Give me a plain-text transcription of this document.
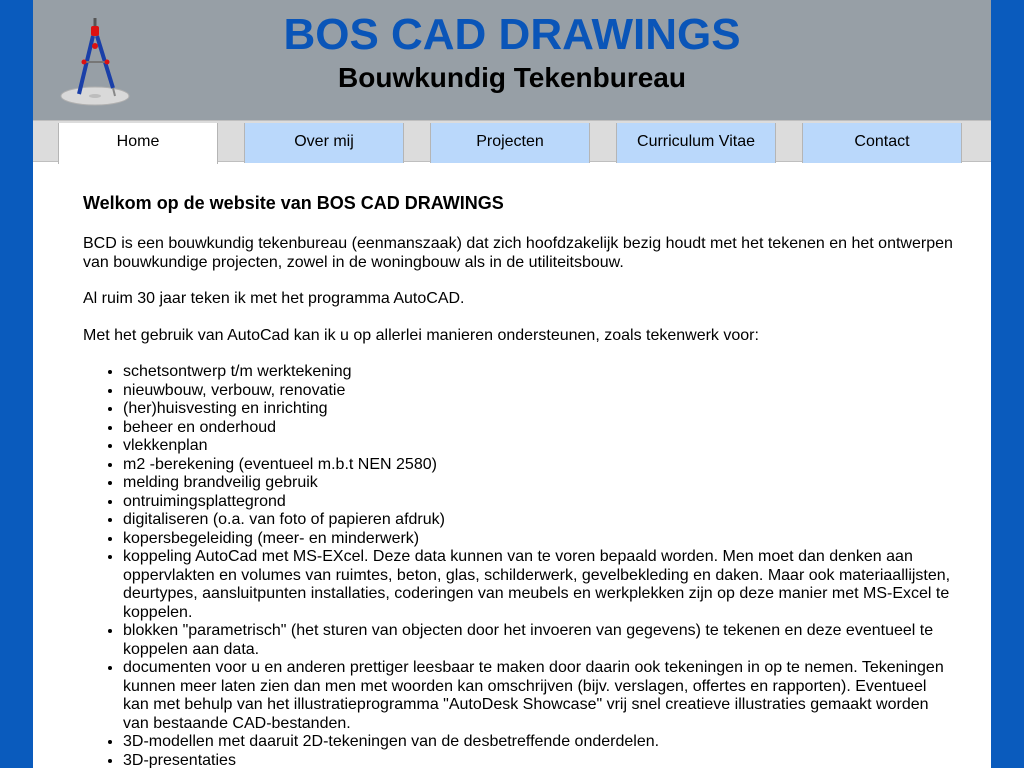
BOS CAD DRAWINGS
Bouwkundig Tekenbureau
Home	Over mij	Projecten	Curriculum Vitae	Contact
Welkom op de website van BOS CAD DRAWINGS

BCD is een bouwkundig tekenbureau (eenmanszaak) dat zich hoofdzakelijk bezig houdt met het tekenen en het ontwerpen van bouwkundige projecten, zowel in de woningbouw als in de utiliteitsbouw.

Al ruim 30 jaar teken ik met het programma AutoCAD.

Met het gebruik van AutoCad kan ik u op allerlei manieren ondersteunen, zoals tekenwerk voor:

• schetsontwerp t/m werktekening
• nieuwbouw, verbouw, renovatie
• (her)huisvesting en inrichting
• beheer en onderhoud
• vlekkenplan
• m2 -berekening (eventueel m.b.t NEN 2580)
• melding brandveilig gebruik
• ontruimingsplattegrond
• digitaliseren (o.a. van foto of papieren afdruk)
• kopersbegeleiding (meer- en minderwerk)
• koppeling AutoCad met MS-EXcel. Deze data kunnen van te voren bepaald worden. Men moet dan denken aan oppervlakten en volumes van ruimtes, beton, glas, schilderwerk, gevelbekleding en daken. Maar ook materiaallijsten, deurtypes, aansluitpunten installaties, coderingen van meubels en werkplekken zijn op deze manier met MS-Excel te koppelen.
• blokken "parametrisch" (het sturen van objecten door het invoeren van gegevens) te tekenen en deze eventueel te koppelen aan data.
• documenten voor u en anderen prettiger leesbaar te maken door daarin ook tekeningen in op te nemen. Tekeningen kunnen meer laten zien dan men met woorden kan omschrijven (bijv. verslagen, offertes en rapporten). Eventueel kan met behulp van het illustratieprogramma "AutoDesk Showcase" vrij snel creatieve illustraties gemaakt worden van bestaande CAD-bestanden.
• 3D-modellen met daaruit 2D-tekeningen van de desbetreffende onderdelen.
• 3D-presentaties
